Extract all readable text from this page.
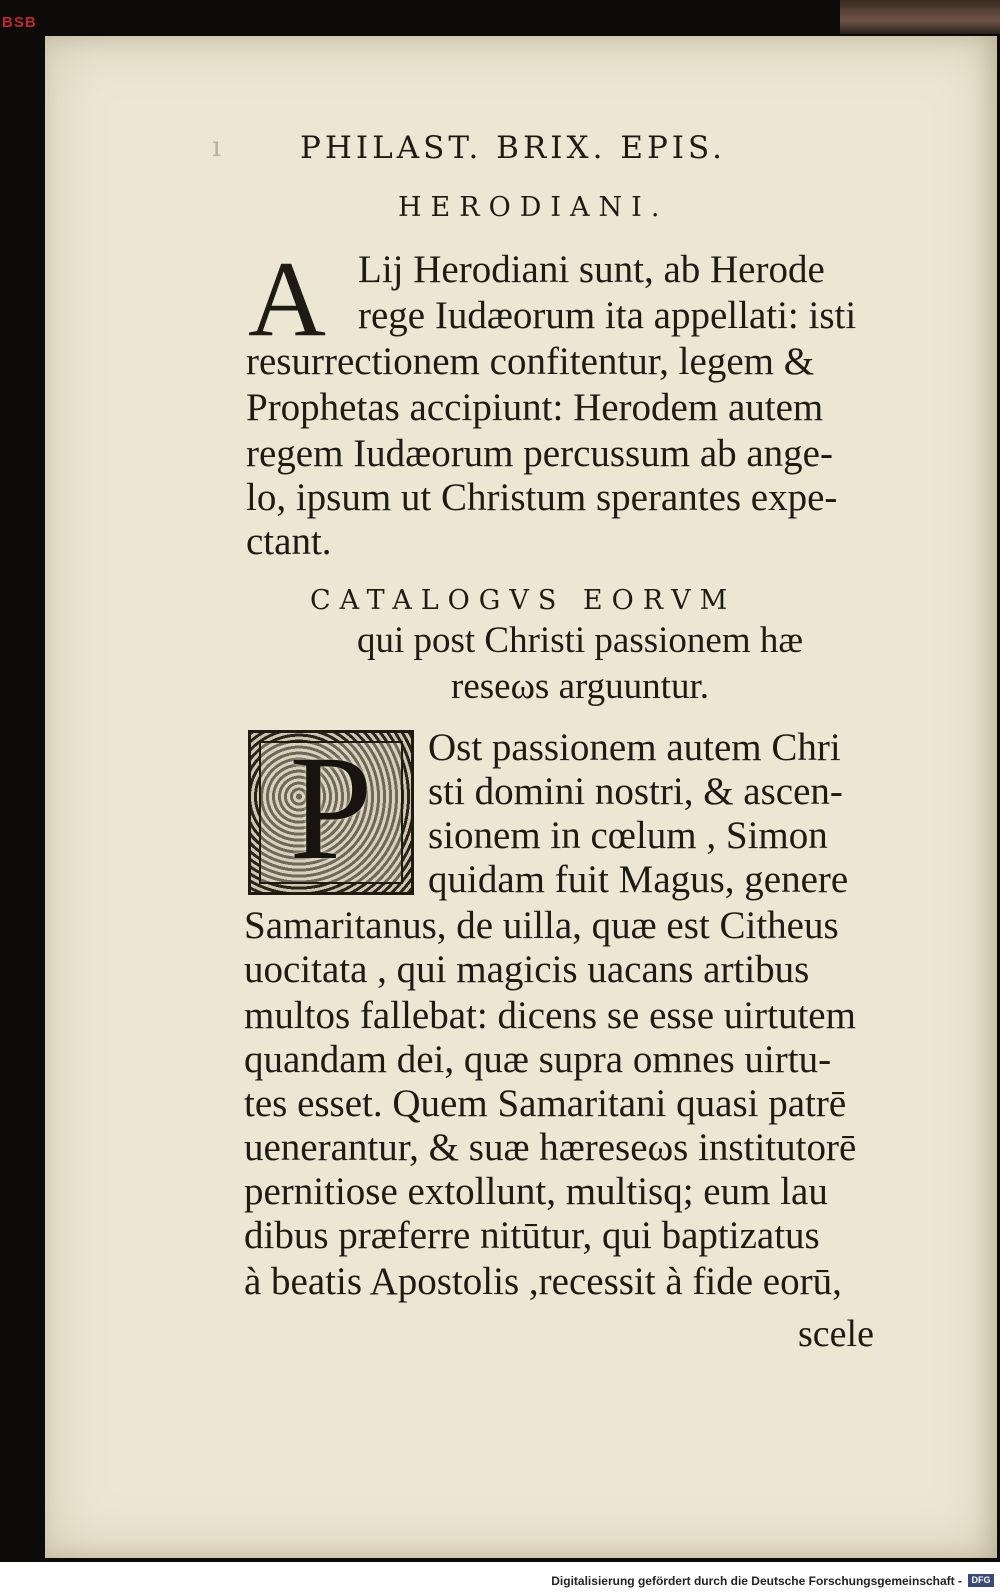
BSB
ı	PHILAST. BRIX. EPIS.
HERODIANI.
A Lij Herodiani sunt, ab Herode
rege Iudæorum ita appellati: isti
resurrectionem confitentur, legem &
Prophetas accipiunt: Herodem autem
regem Iudæorum percussum ab ange-
lo, ipsum ut Christum sperantes expe-
ctant.
CATALOGVS EORVM
qui post Christi passionem hæ
reseωs arguuntur.
P	Ost passionem autem Chri
sti domini nostri, & ascen-
sionem in cœlum , Simon
quidam fuit Magus, genere
Samaritanus, de uilla, quæ est Citheus
uocitata , qui magicis uacans artibus
multos fallebat: dicens se esse uirtutem
quandam dei, quæ supra omnes uirtu-
tes esset. Quem Samaritani quasi patrē
uenerantur, & suæ hæreseωs institutorē
pernitiose extollunt, multisq; eum lau
dibus præferre nitūtur, qui baptizatus
à beatis Apostolis ,recessit à fide eorū,
scele
Digitalisierung gefördert durch die Deutsche Forschungsgemeinschaft -	DFG
